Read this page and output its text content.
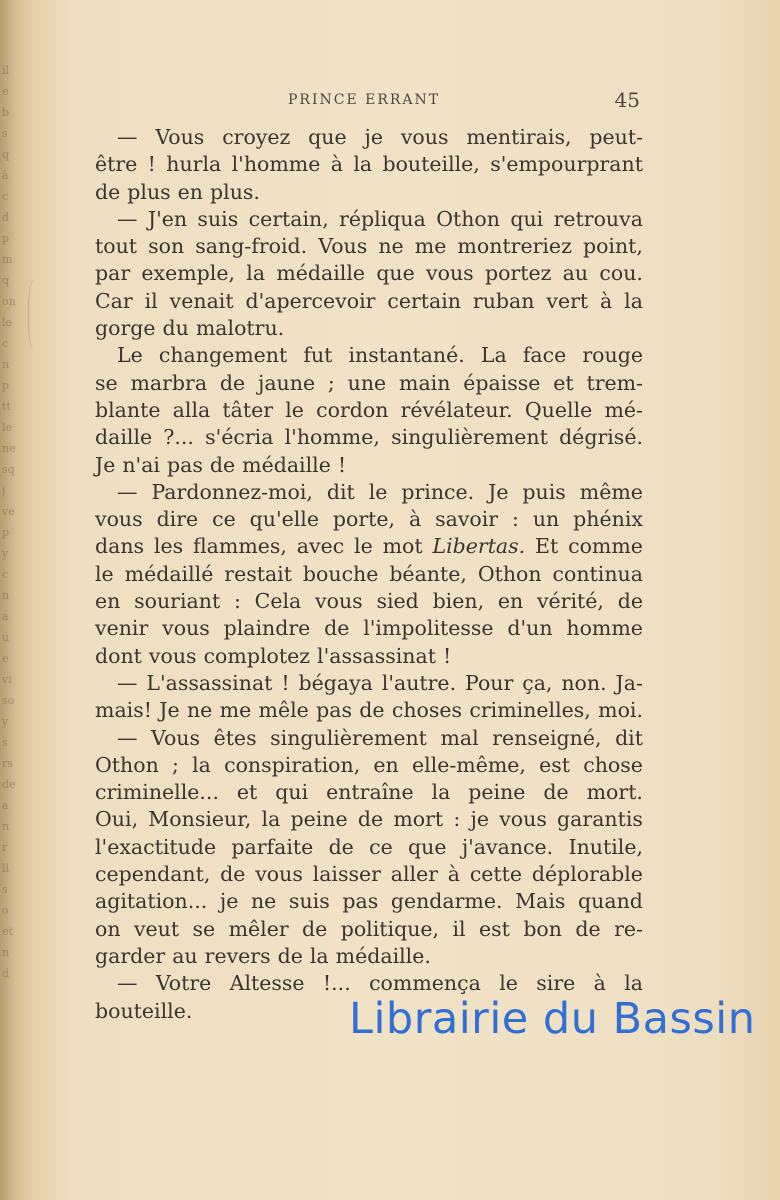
il
e
b
s
q
à
c
d
p
m
q
on
le
c
n
p
tt
le
ne
sq
j
ve
p
y
c
n
a
u
e
vi
so
y
s
rs
de
a
n
r
ll
s
o
et
n
d
PRINCE ERRANT	45
— Vous croyez que je vous mentirais, peut-
être ! hurla l'homme à la bouteille, s'empourprant
de plus en plus.
— J'en suis certain, répliqua Othon qui retrouva
tout son sang-froid. Vous ne me montreriez point,
par exemple, la médaille que vous portez au cou.
Car il venait d'apercevoir certain ruban vert à la
gorge du malotru.
Le changement fut instantané. La face rouge
se marbra de jaune ; une main épaisse et trem-
blante alla tâter le cordon révélateur. Quelle mé-
daille ?... s'écria l'homme, singulièrement dégrisé.
Je n'ai pas de médaille !
— Pardonnez-moi, dit le prince. Je puis même
vous dire ce qu'elle porte, à savoir : un phénix
dans les flammes, avec le mot Libertas. Et comme
le médaillé restait bouche béante, Othon continua
en souriant : Cela vous sied bien, en vérité, de
venir vous plaindre de l'impolitesse d'un homme
dont vous complotez l'assassinat !
— L'assassinat ! bégaya l'autre. Pour ça, non. Ja-
mais! Je ne me mêle pas de choses criminelles, moi.
— Vous êtes singulièrement mal renseigné, dit
Othon ; la conspiration, en elle-même, est chose
criminelle... et qui entraîne la peine de mort.
Oui, Monsieur, la peine de mort : je vous garantis
l'exactitude parfaite de ce que j'avance. Inutile,
cependant, de vous laisser aller à cette déplorable
agitation... je ne suis pas gendarme. Mais quand
on veut se mêler de politique, il est bon de re-
garder au revers de la médaille.
— Votre Altesse !... commença le sire à la
bouteille.	Librairie du Bassin
